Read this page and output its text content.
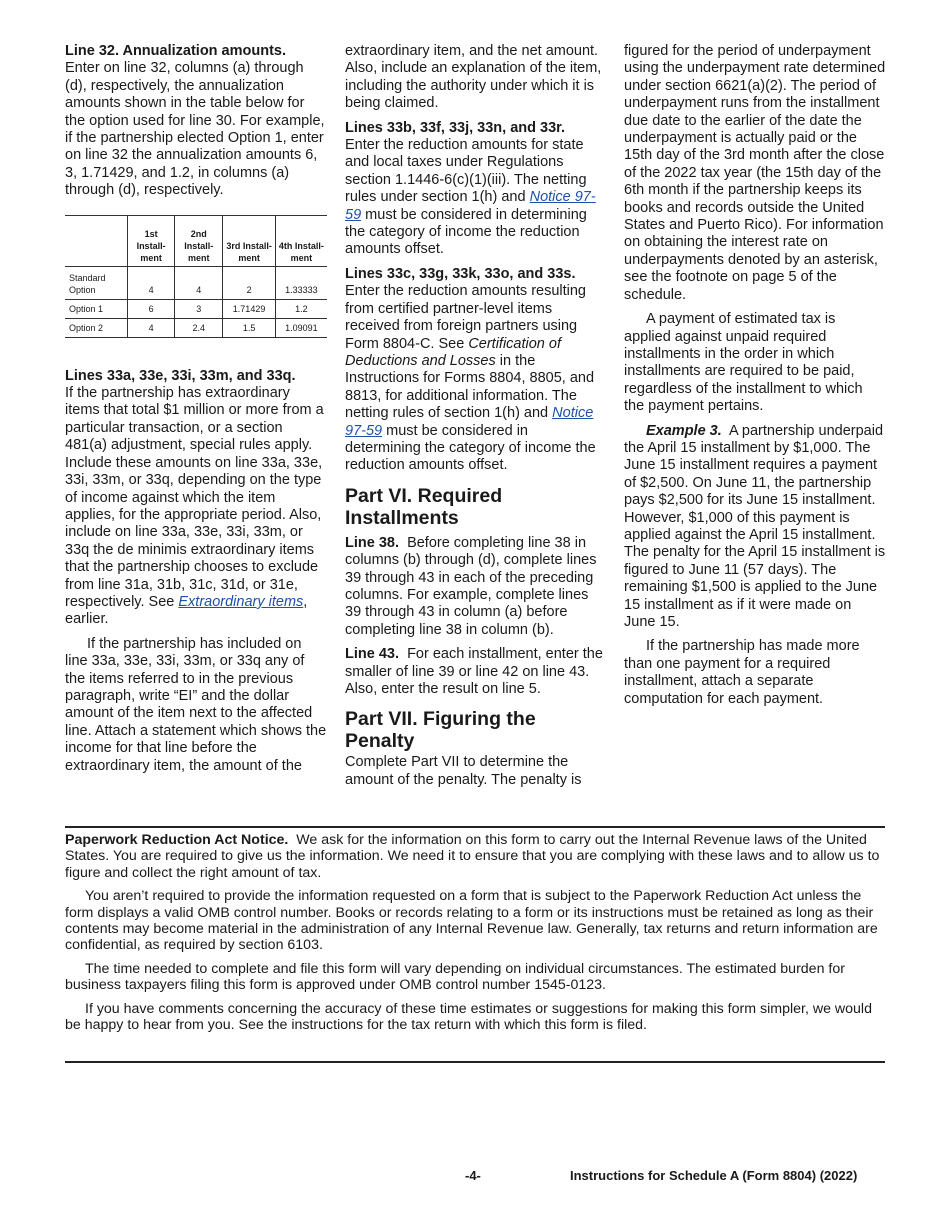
Line 32. Annualization amounts.
Enter on line 32, columns (a) through (d), respectively, the annualization amounts shown in the table below for the option used for line 30. For example, if the partnership elected Option 1, enter on line 32 the annualization amounts 6, 3, 1.71429, and 1.2, in columns (a) through (d), respectively.

	1st Install-ment	2nd Install-ment	3rd Install-ment	4th Install-ment
Standard Option	4	4	2	1.33333
Option 1	6	3	1.71429	1.2
Option 2	4	2.4	1.5	1.09091

Lines 33a, 33e, 33i, 33m, and 33q.
If the partnership has extraordinary items that total $1 million or more from a particular transaction, or a section 481(a) adjustment, special rules apply. Include these amounts on line 33a, 33e, 33i, 33m, or 33q, depending on the type of income against which the item applies, for the appropriate period. Also, include on line 33a, 33e, 33i, 33m, or 33q the de minimis extraordinary items that the partnership chooses to exclude from line 31a, 31b, 31c, 31d, or 31e, respectively. See Extraordinary items, earlier.

If the partnership has included on line 33a, 33e, 33i, 33m, or 33q any of the items referred to in the previous paragraph, write “EI” and the dollar amount of the item next to the affected line. Attach a statement which shows the income for that line before the extraordinary item, the amount of the

extraordinary item, and the net amount. Also, include an explanation of the item, including the authority under which it is being claimed.

Lines 33b, 33f, 33j, 33n, and 33r.
Enter the reduction amounts for state and local taxes under Regulations section 1.1446-6(c)(1)(iii). The netting rules under section 1(h) and Notice 97-59 must be considered in determining the category of income the reduction amounts offset.

Lines 33c, 33g, 33k, 33o, and 33s.
Enter the reduction amounts resulting from certified partner-level items received from foreign partners using Form 8804-C. See Certification of Deductions and Losses in the Instructions for Forms 8804, 8805, and 8813, for additional information. The netting rules of section 1(h) and Notice 97-59 must be considered in determining the category of income the reduction amounts offset.

Part VI. Required Installments

Line 38. Before completing line 38 in columns (b) through (d), complete lines 39 through 43 in each of the preceding columns. For example, complete lines 39 through 43 in column (a) before completing line 38 in column (b).

Line 43. For each installment, enter the smaller of line 39 or line 42 on line 43. Also, enter the result on line 5.

Part VII. Figuring the Penalty

Complete Part VII to determine the amount of the penalty. The penalty is

figured for the period of underpayment using the underpayment rate determined under section 6621(a)(2). The period of underpayment runs from the installment due date to the earlier of the date the underpayment is actually paid or the 15th day of the 3rd month after the close of the 2022 tax year (the 15th day of the 6th month if the partnership keeps its books and records outside the United States and Puerto Rico). For information on obtaining the interest rate on underpayments denoted by an asterisk, see the footnote on page 5 of the schedule.

A payment of estimated tax is applied against unpaid required installments in the order in which installments are required to be paid, regardless of the installment to which the payment pertains.

Example 3. A partnership underpaid the April 15 installment by $1,000. The June 15 installment requires a payment of $2,500. On June 11, the partnership pays $2,500 for its June 15 installment. However, $1,000 of this payment is applied against the April 15 installment. The penalty for the April 15 installment is figured to June 11 (57 days). The remaining $1,500 is applied to the June 15 installment as if it were made on June 15.

If the partnership has made more than one payment for a required installment, attach a separate computation for each payment.

Paperwork Reduction Act Notice. We ask for the information on this form to carry out the Internal Revenue laws of the United States. You are required to give us the information. We need it to ensure that you are complying with these laws and to allow us to figure and collect the right amount of tax.

You aren’t required to provide the information requested on a form that is subject to the Paperwork Reduction Act unless the form displays a valid OMB control number. Books or records relating to a form or its instructions must be retained as long as their contents may become material in the administration of any Internal Revenue law. Generally, tax returns and return information are confidential, as required by section 6103.

The time needed to complete and file this form will vary depending on individual circumstances. The estimated burden for business taxpayers filing this form is approved under OMB control number 1545-0123.

If you have comments concerning the accuracy of these time estimates or suggestions for making this form simpler, we would be happy to hear from you. See the instructions for the tax return with which this form is filed.

-4-	Instructions for Schedule A (Form 8804) (2022)
